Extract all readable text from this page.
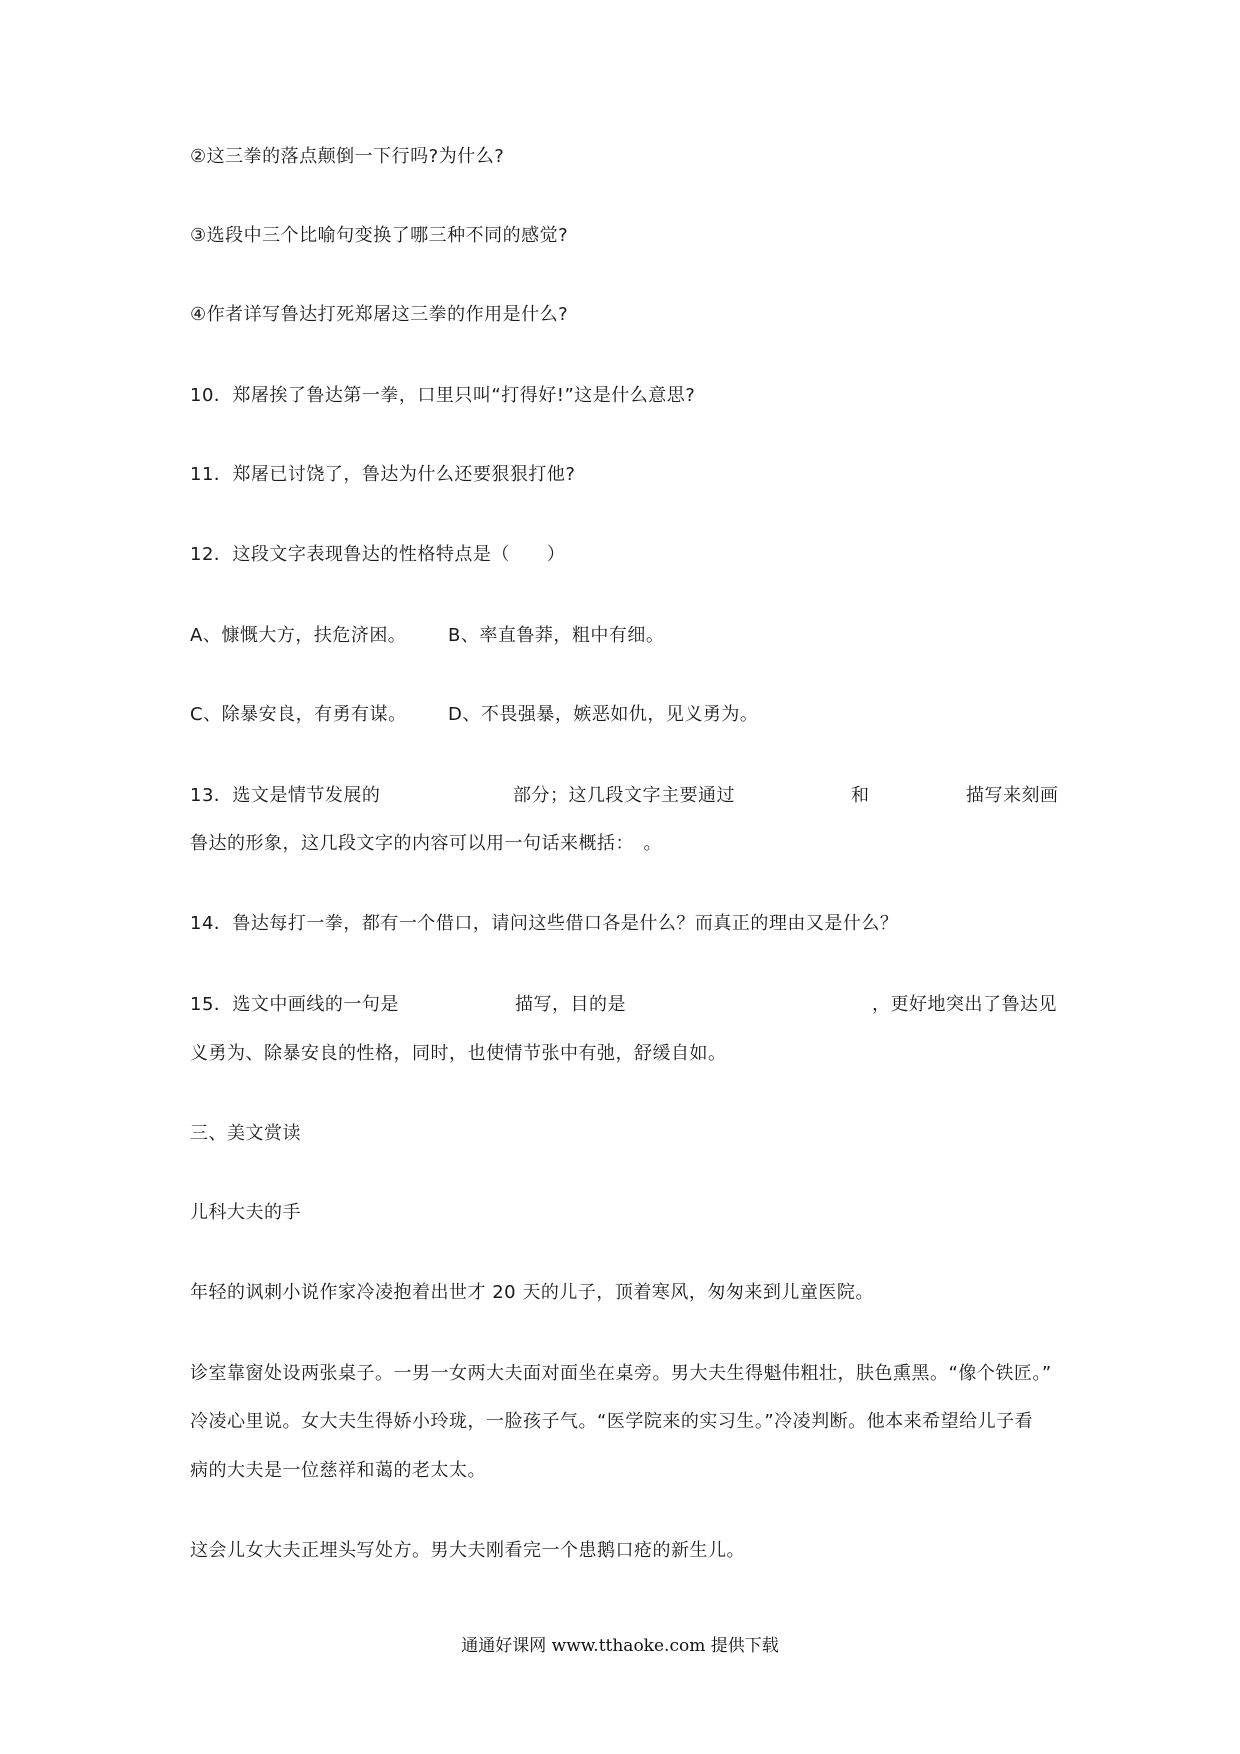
②这三拳的落点颠倒一下行吗?为什么?
③选段中三个比喻句变换了哪三种不同的感觉?
④作者详写鲁达打死郑屠这三拳的作用是什么?
10．郑屠挨了鲁达第一拳，口里只叫“打得好!”这是什么意思?
11．郑屠已讨饶了，鲁达为什么还要狠狠打他?
12．这段文字表现鲁达的性格特点是（　　）
A、慷慨大方，扶危济困。 B、率直鲁莽，粗中有细。
C、除暴安良，有勇有谋。 D、不畏强暴，嫉恶如仇，见义勇为。
13．选文是情节发展的	部分；这几段文字主要通过	和	描写来刻画
鲁达的形象，这几段文字的内容可以用一句话来概括：　。
14．鲁达每打一拳，都有一个借口，请问这些借口各是什么？而真正的理由又是什么？
15．选文中画线的一句是	描写，目的是	，更好地突出了鲁达见
义勇为、除暴安良的性格，同时，也使情节张中有弛，舒缓自如。
三、美文赏读
儿科大夫的手
年轻的讽刺小说作家冷凌抱着出世才 20 天的儿子，顶着寒风，匆匆来到儿童医院。
诊室靠窗处设两张桌子。一男一女两大夫面对面坐在桌旁。男大夫生得魁伟粗壮，肤色熏黑。“像个铁匠。”
冷凌心里说。女大夫生得娇小玲珑，一脸孩子气。“医学院来的实习生。”冷凌判断。他本来希望给儿子看
病的大夫是一位慈祥和蔼的老太太。
这会儿女大夫正埋头写处方。男大夫刚看完一个患鹅口疮的新生儿。
通通好课网 www.tthaoke.com 提供下载
